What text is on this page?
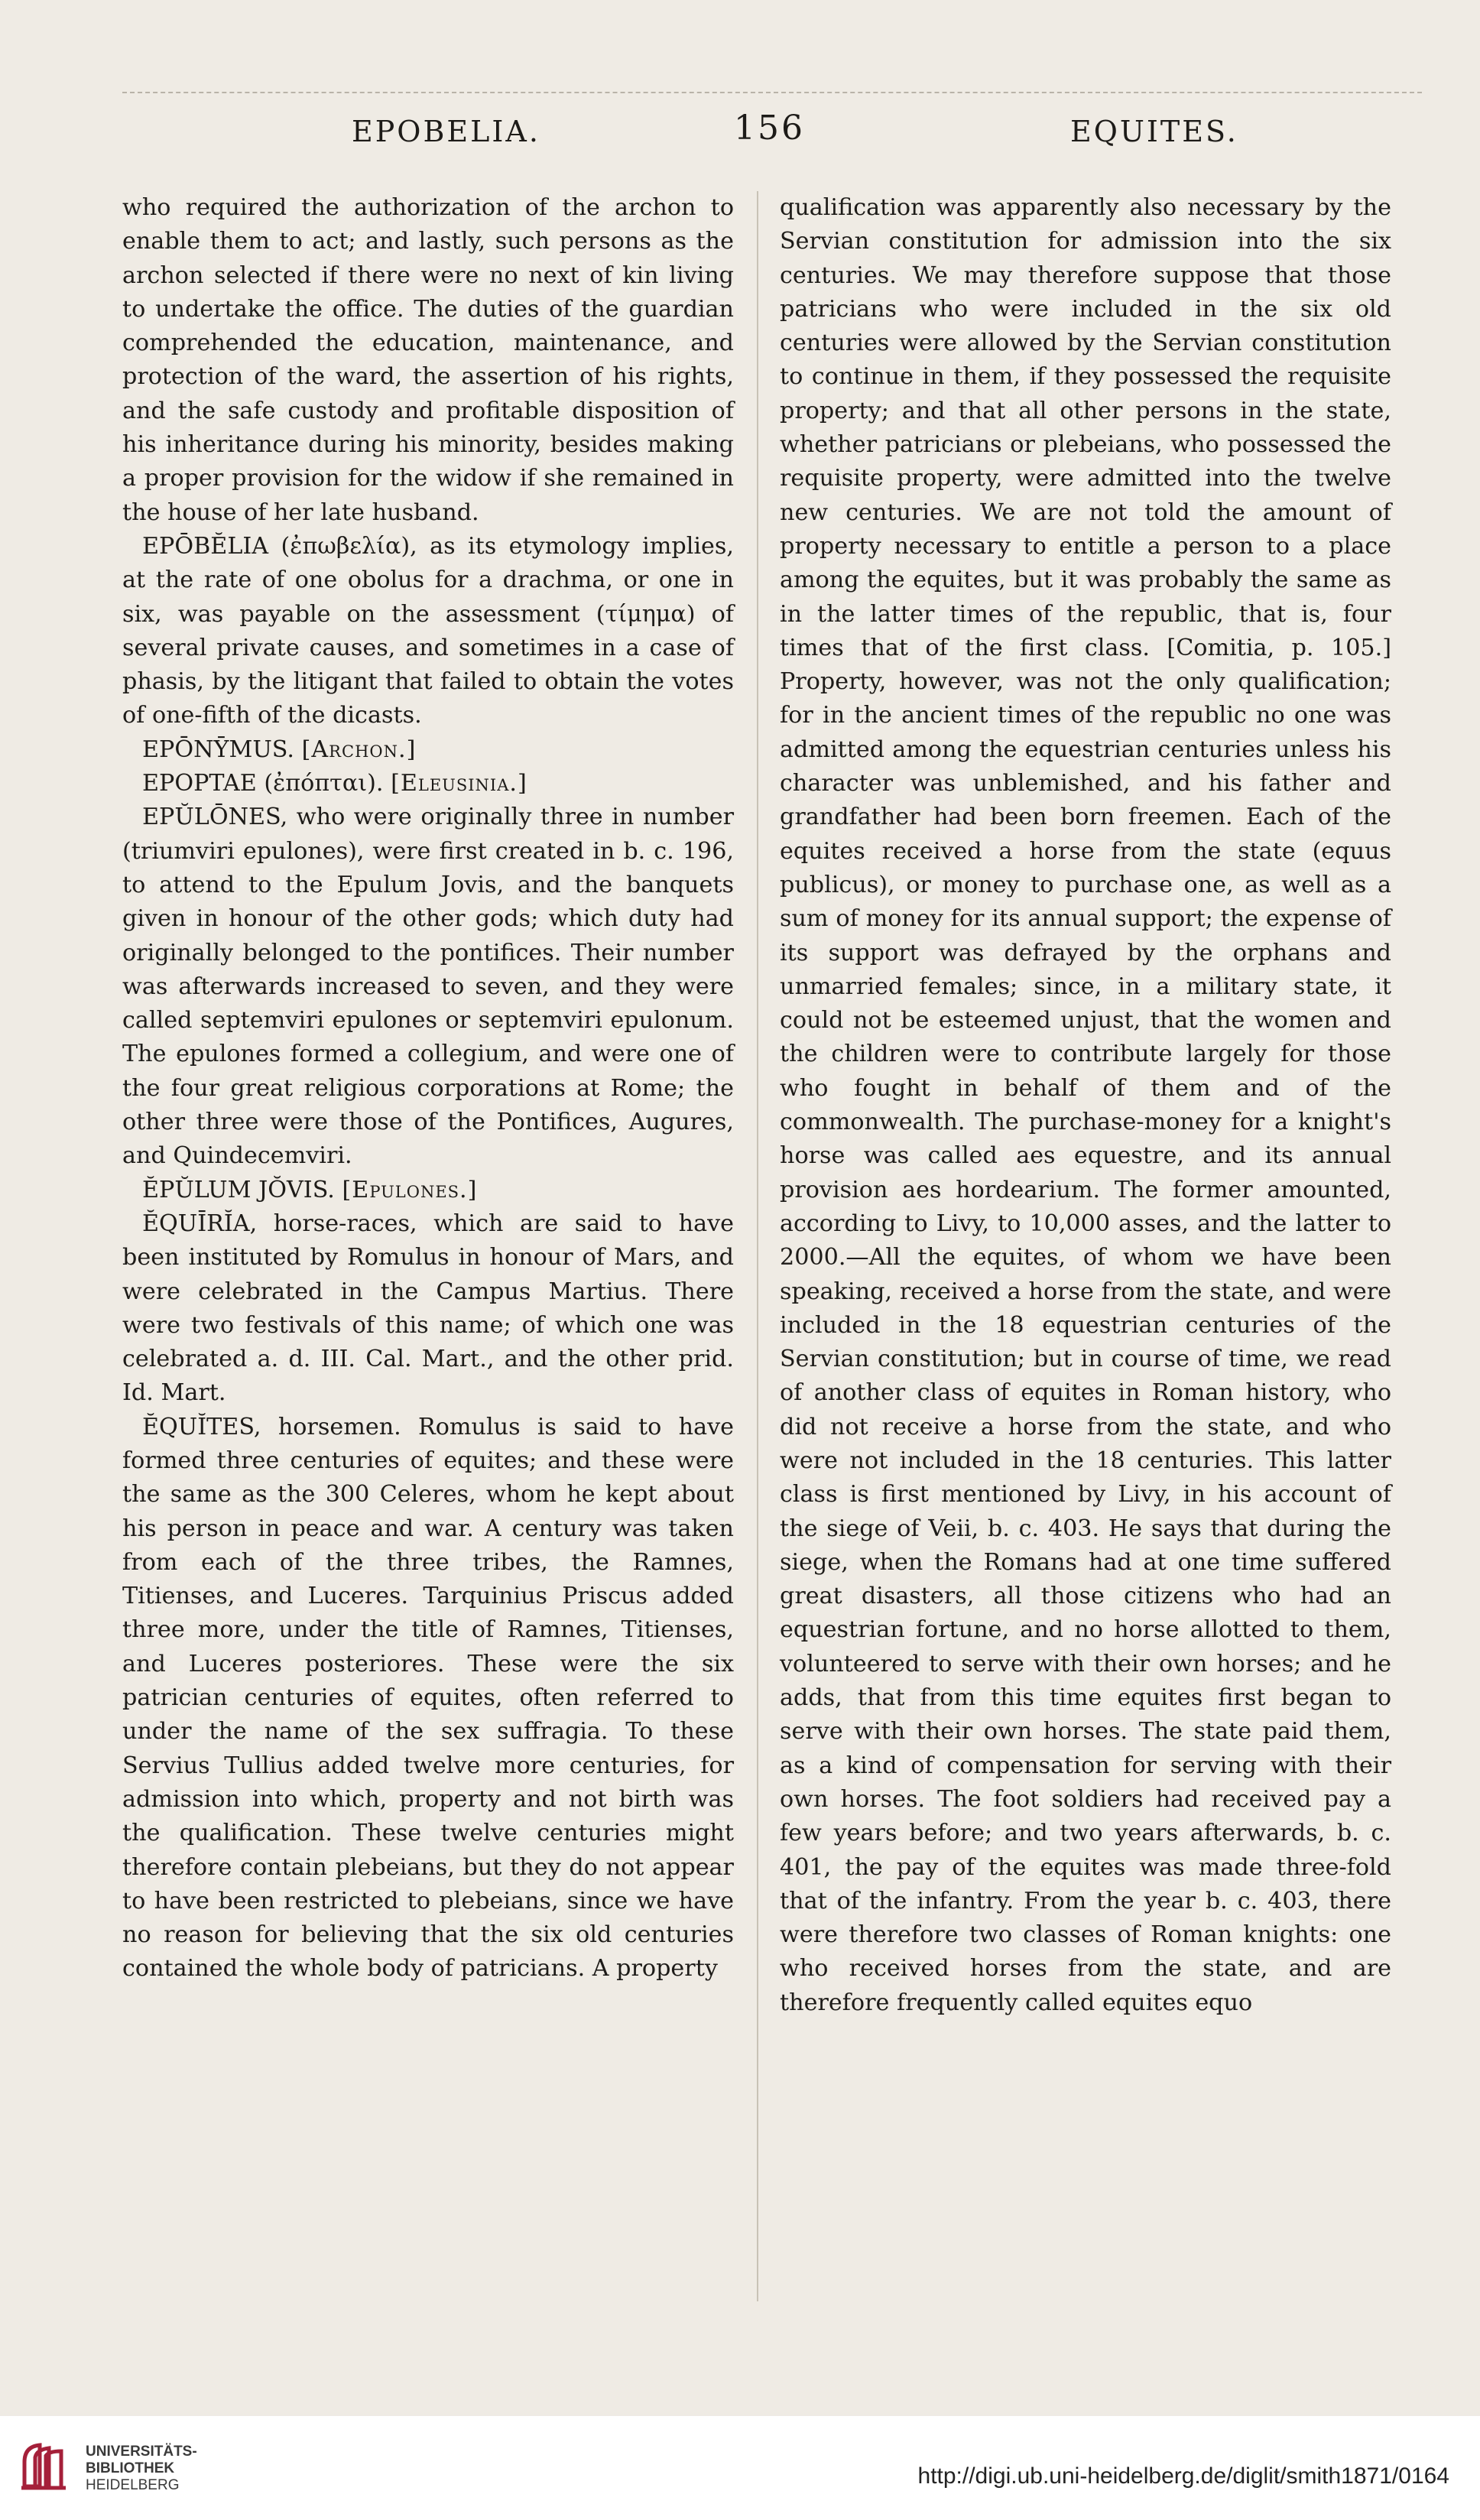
EPOBELIA.	156	EQUITES.

who required the authorization of the archon to enable them to act; and lastly, such persons as the archon selected if there were no next of kin living to undertake the office. The duties of the guardian comprehended the education, maintenance, and protection of the ward, the assertion of his rights, and the safe custody and profitable disposition of his inheritance during his minority, besides making a proper provision for the widow if she remained in the house of her late husband.

EPŌBĔLIA (ἐπωβελία), as its etymology implies, at the rate of one obolus for a drachma, or one in six, was payable on the assessment (τίμημα) of several private causes, and sometimes in a case of phasis, by the litigant that failed to obtain the votes of one-fifth of the dicasts.

EPŌNȲMUS. [Archon.]

EPOPTAE (ἐπόπται). [Eleusinia.]

EPŬLŌNES, who were originally three in number (triumviri epulones), were first created in b. c. 196, to attend to the Epulum Jovis, and the banquets given in honour of the other gods; which duty had originally belonged to the pontifices. Their number was afterwards increased to seven, and they were called septemviri epulones or septemviri epulonum. The epulones formed a collegium, and were one of the four great religious corporations at Rome; the other three were those of the Pontifices, Augures, and Quindecemviri.

ĔPŬLUM JŎVIS. [Epulones.]

ĔQUĪRĬA, horse-races, which are said to have been instituted by Romulus in honour of Mars, and were celebrated in the Campus Martius. There were two festivals of this name; of which one was celebrated a. d. III. Cal. Mart., and the other prid. Id. Mart.

ĔQUĬTES, horsemen. Romulus is said to have formed three centuries of equites; and these were the same as the 300 Celeres, whom he kept about his person in peace and war. A century was taken from each of the three tribes, the Ramnes, Titienses, and Luceres. Tarquinius Priscus added three more, under the title of Ramnes, Titienses, and Luceres posteriores. These were the six patrician centuries of equites, often referred to under the name of the sex suffragia. To these Servius Tullius added twelve more centuries, for admission into which, property and not birth was the qualification. These twelve centuries might therefore contain plebeians, but they do not appear to have been restricted to plebeians, since we have no reason for believing that the six old centuries contained the whole body of patricians. A property

qualification was apparently also necessary by the Servian constitution for admission into the six centuries. We may therefore suppose that those patricians who were included in the six old centuries were allowed by the Servian constitution to continue in them, if they possessed the requisite property; and that all other persons in the state, whether patricians or plebeians, who possessed the requisite property, were admitted into the twelve new centuries. We are not told the amount of property necessary to entitle a person to a place among the equites, but it was probably the same as in the latter times of the republic, that is, four times that of the first class. [Comitia, p. 105.] Property, however, was not the only qualification; for in the ancient times of the republic no one was admitted among the equestrian centuries unless his character was unblemished, and his father and grandfather had been born freemen. Each of the equites received a horse from the state (equus publicus), or money to purchase one, as well as a sum of money for its annual support; the expense of its support was defrayed by the orphans and unmarried females; since, in a military state, it could not be esteemed unjust, that the women and the children were to contribute largely for those who fought in behalf of them and of the commonwealth. The purchase-money for a knight's horse was called aes equestre, and its annual provision aes hordearium. The former amounted, according to Livy, to 10,000 asses, and the latter to 2000.—All the equites, of whom we have been speaking, received a horse from the state, and were included in the 18 equestrian centuries of the Servian constitution; but in course of time, we read of another class of equites in Roman history, who did not receive a horse from the state, and who were not included in the 18 centuries. This latter class is first mentioned by Livy, in his account of the siege of Veii, b. c. 403. He says that during the siege, when the Romans had at one time suffered great disasters, all those citizens who had an equestrian fortune, and no horse allotted to them, volunteered to serve with their own horses; and he adds, that from this time equites first began to serve with their own horses. The state paid them, as a kind of compensation for serving with their own horses. The foot soldiers had received pay a few years before; and two years afterwards, b. c. 401, the pay of the equites was made three-fold that of the infantry. From the year b. c. 403, there were therefore two classes of Roman knights: one who received horses from the state, and are therefore frequently called equites equo

UNIVERSITÄTS-
BIBLIOTHEK
HEIDELBERG	http://digi.ub.uni-heidelberg.de/diglit/smith1871/0164
